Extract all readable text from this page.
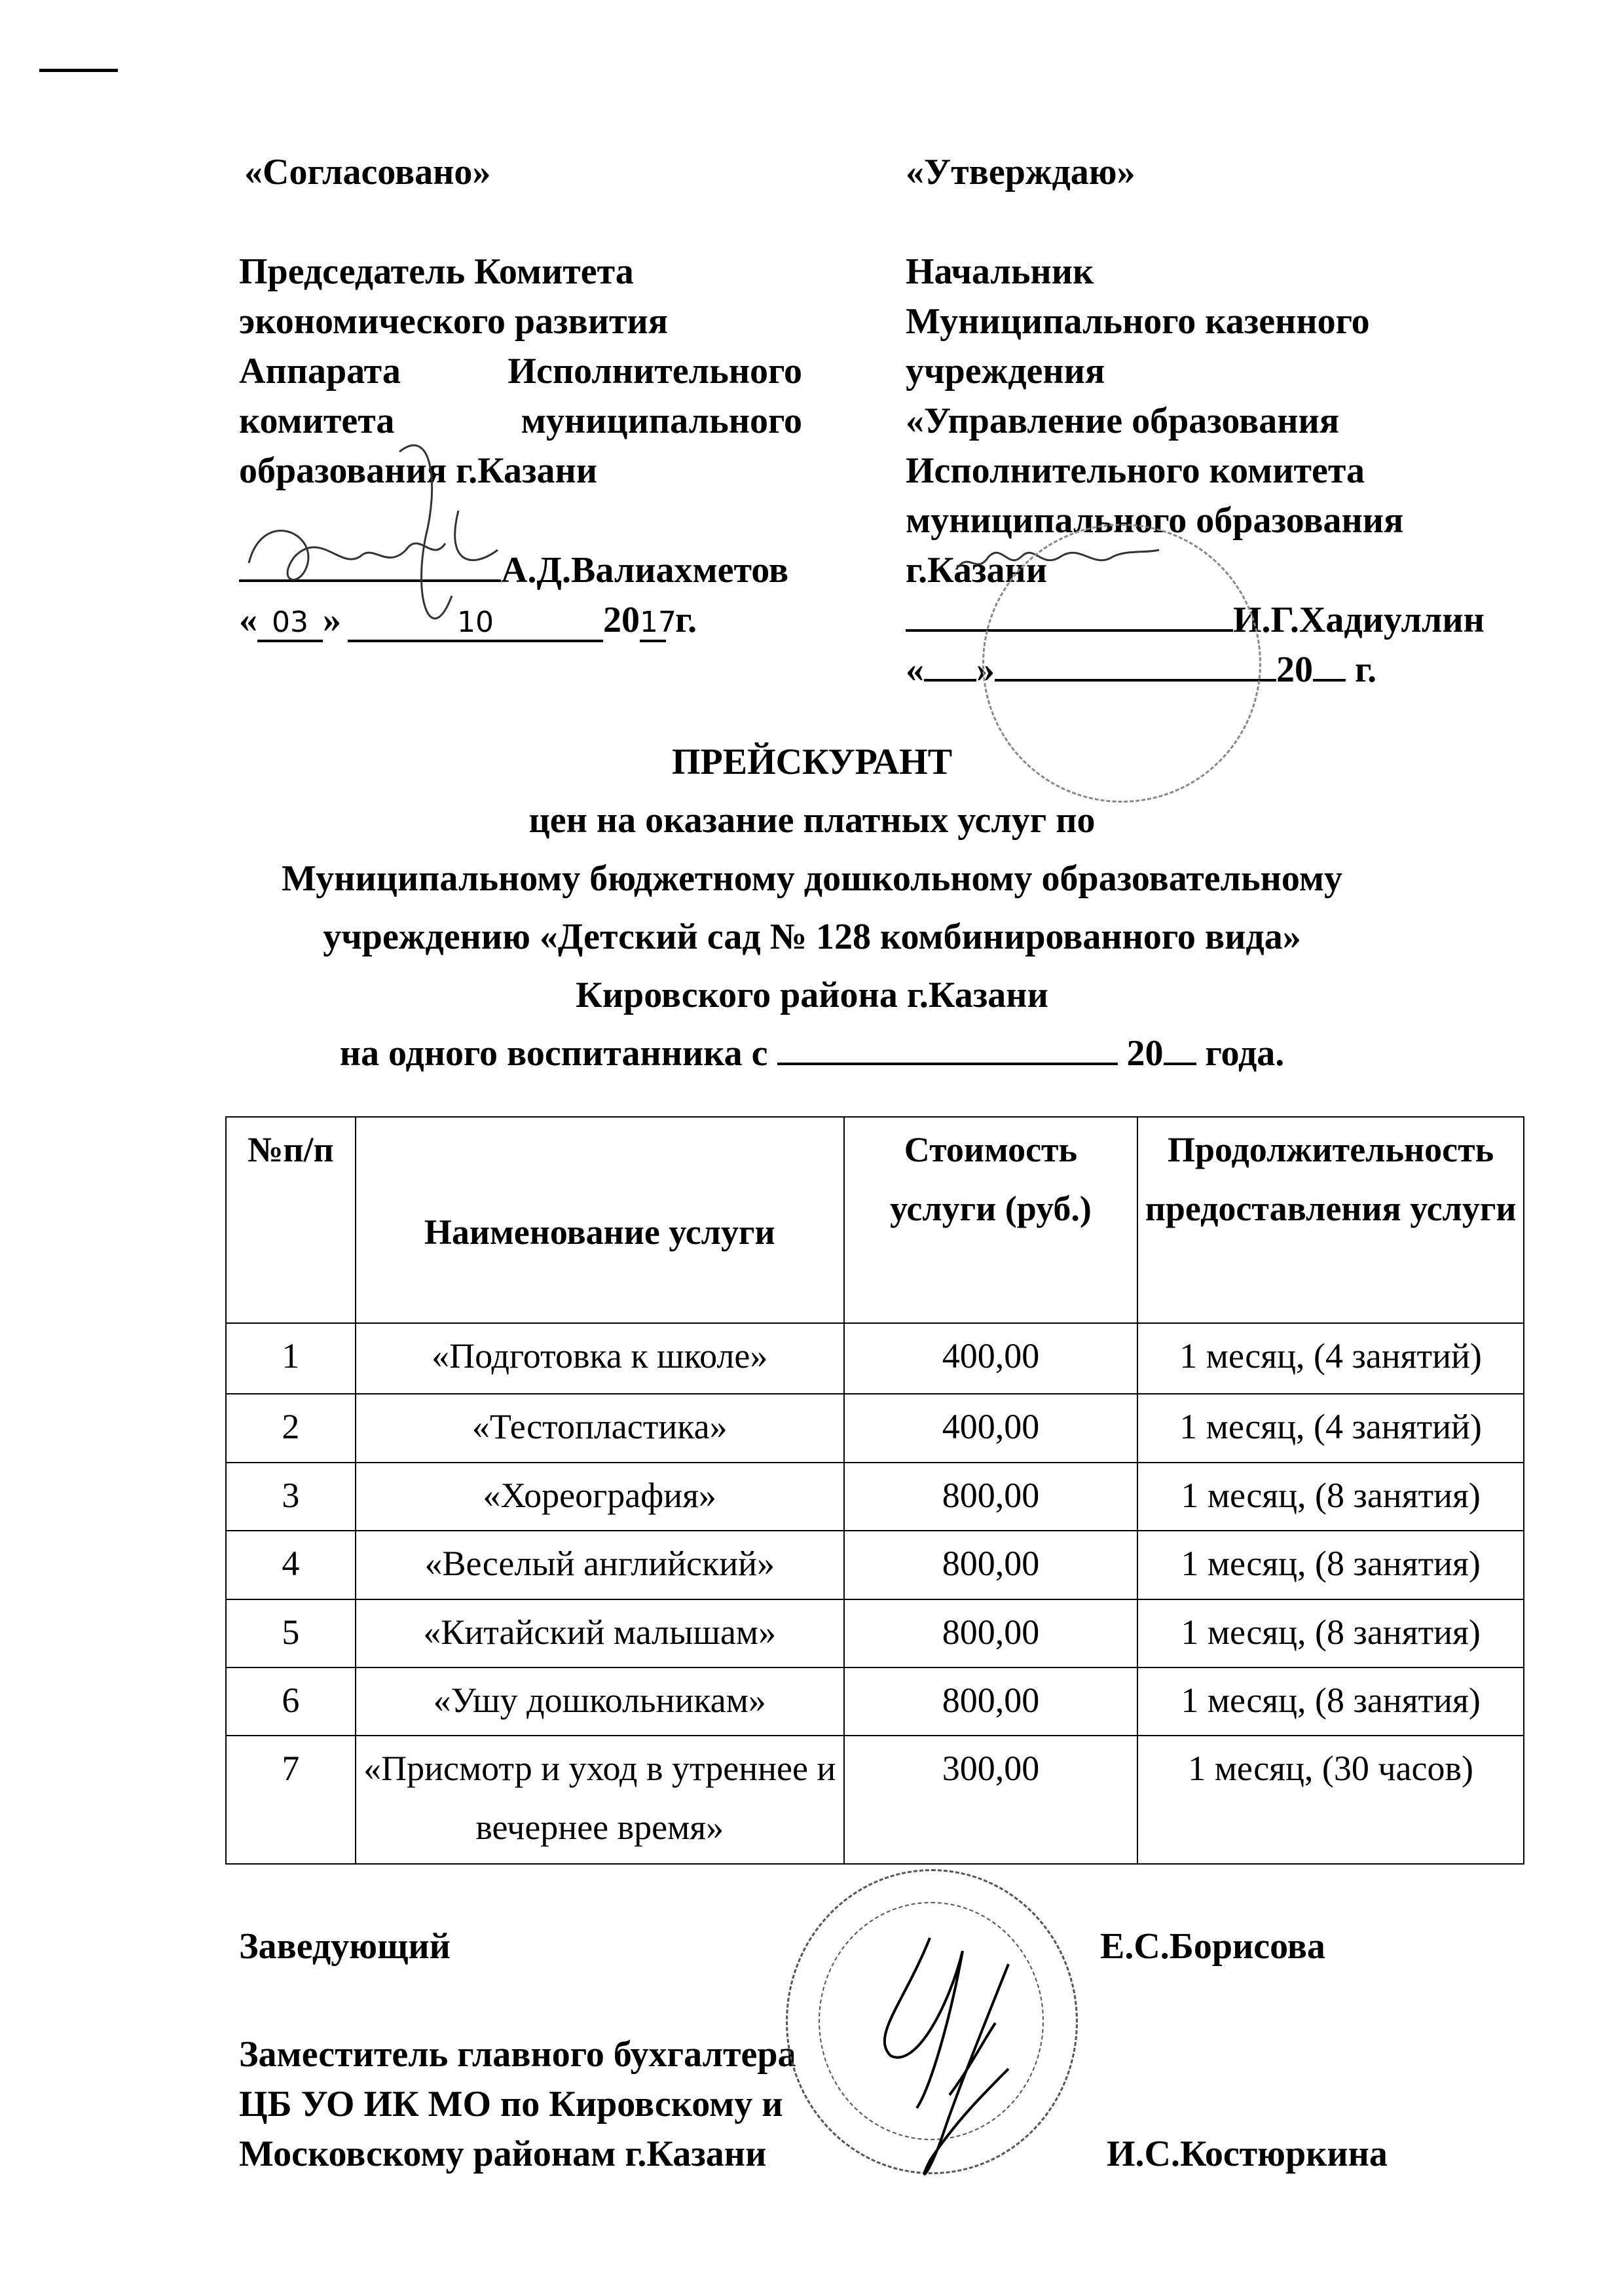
«Согласовано»
Председатель Комитета
экономического развития
Аппарата Исполнительного
комитета муниципального
образования г.Казани
А.Д.Валиахметов
« 03 »	10	2017 г.
«Утверждаю»
Начальник
Муниципального казенного
учреждения
«Управление образования
Исполнительного комитета
муниципального образования
г.Казани
И.Г.Хадиуллин
« »	20 г.
ПРЕЙСКУРАНТ
цен на оказание платных услуг по
Муниципальному бюджетному дошкольному образовательному
учреждению «Детский сад № 128 комбинированного вида»
Кировского района г.Казани
на одного воспитанника с	20 года.
№п/п	Наименование услуги	Стоимость услуги (руб.)	Продолжительность предоставления услуги
1	«Подготовка к школе»	400,00	1 месяц, (4 занятий)
2	«Тестопластика»	400,00	1 месяц, (4 занятий)
3	«Хореография»	800,00	1 месяц, (8 занятия)
4	«Веселый английский»	800,00	1 месяц, (8 занятия)
5	«Китайский малышам»	800,00	1 месяц, (8 занятия)
6	«Ушу дошкольникам»	800,00	1 месяц, (8 занятия)
7	«Присмотр и уход в утреннее и вечернее время»	300,00	1 месяц, (30 часов)
Заведующий	Е.С.Борисова
Заместитель главного бухгалтера
ЦБ УО ИК МО по Кировскому и
Московскому районам г.Казани	И.С.Костюркина
